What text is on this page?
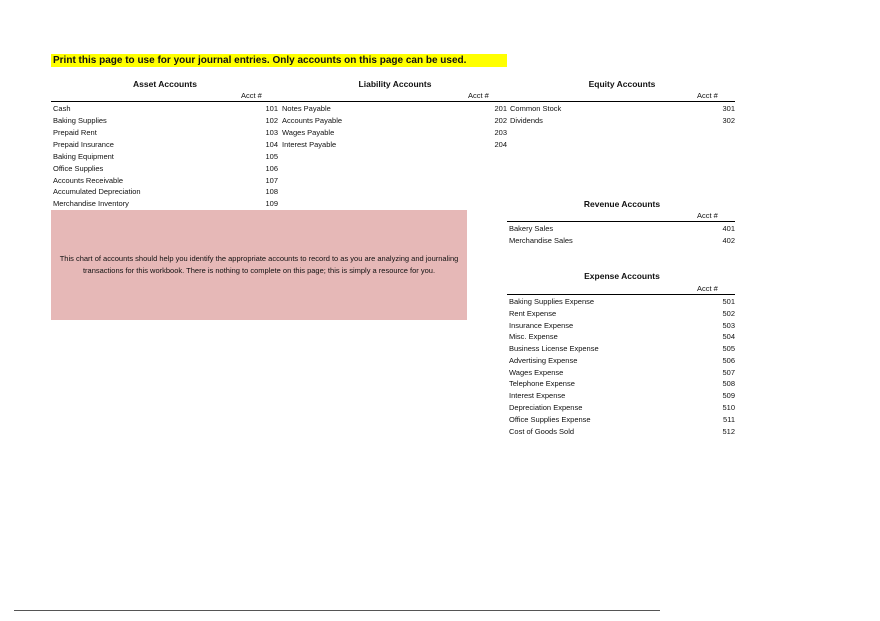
Print this page to use for your journal entries. Only accounts on this page can be used.
Asset Accounts	Liability Accounts	Equity Accounts
Revenue Accounts
Expense Accounts
Acct #	Acct #	Acct #
Acct #
Acct #
Cash	101
Baking Supplies	102
Prepaid Rent	103
Prepaid Insurance	104
Baking Equipment	105
Office Supplies	106
Accounts Receivable	107
Accumulated Depreciation	108
Merchandise Inventory	109
Notes Payable	201
Accounts Payable	202
Wages Payable	203
Interest Payable	204
Common Stock	301
Dividends	302
Bakery Sales	401
Merchandise Sales	402
Baking Supplies Expense	501
Rent Expense	502
Insurance Expense	503
Misc. Expense	504
Business License Expense	505
Advertising Expense	506
Wages Expense	507
Telephone Expense	508
Interest Expense	509
Depreciation Expense	510
Office Supplies Expense	511
Cost of Goods Sold	512
This chart of accounts should help you identify the appropriate accounts to record to as you are analyzing and journaling transactions for this workbook. There is nothing to complete on this page; this is simply a resource for you.
